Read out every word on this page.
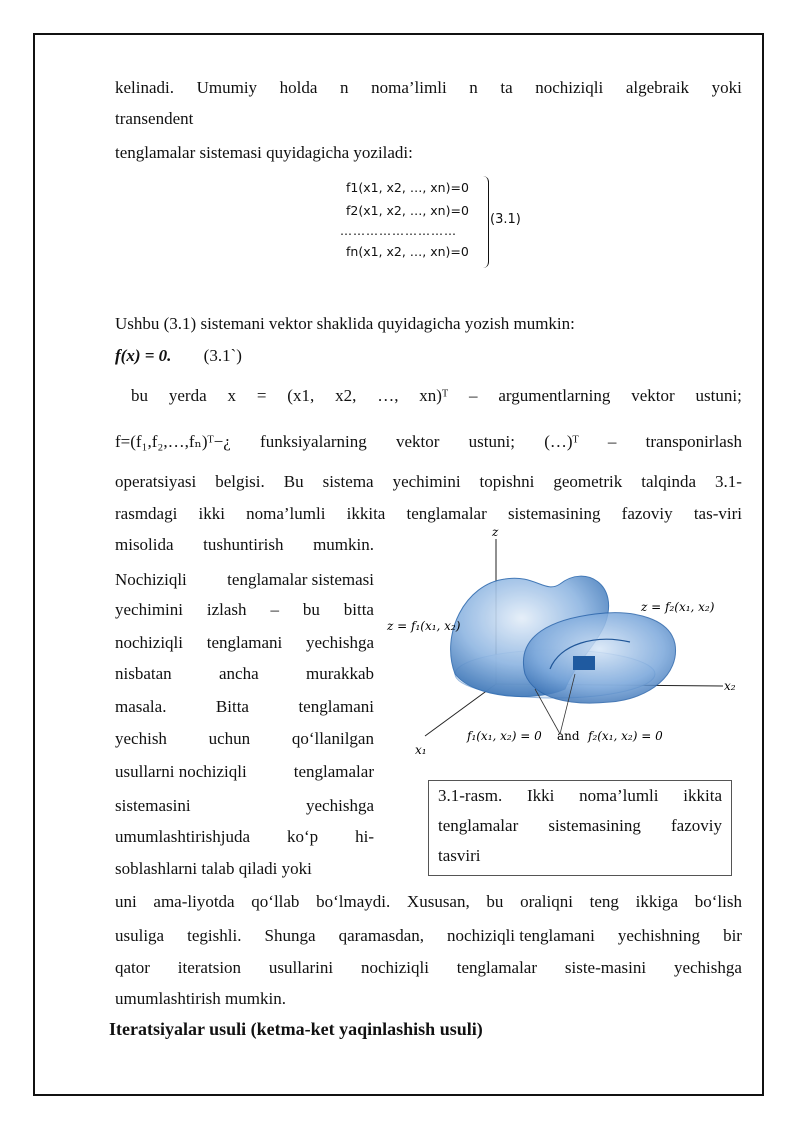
kelinadi. Umumiy holda n noma’limli n ta nochiziqli algebraik yoki
transendent
tenglamalar sistemasi quyidagicha yoziladi:
f1(x1, x2, …, xn)=0
f2(x1, x2, …, xn)=0
………………………
fn(x1, x2, …, xn)=0
(3.1)
Ushbu (3.1) sistemani vektor shaklida quyidagicha yozish mumkin:
f(x) = 0. (3.1`)
bu yerda x = (x1, x2, …, xn)ᵀ – argumentlarning vektor ustuni;
f=(f₁,f₂,…,fₙ)ᵀ−¿ funksiyalarning vektor ustuni; (…)ᵀ – transponirlash
operatsiyasi belgisi. Bu sistema yechimini topishni geometrik talqinda 3.1-
rasmdagi ikki noma’lumli ikkita tenglamalar sistemasining fazoviy tas-viri
misolida tushuntirish mumkin.
Nochiziqli tenglamalar sistemasi
yechimini izlash – bu bitta
nochiziqli tenglamani yechishga
nisbatan	ancha	murakkab
masala.	Bitta	tenglamani
yechish uchun qo‘llanilgan
usullarni nochiziqli	tenglamalar
sistemasini	yechishga
umumlashtirishjuda ko‘p hi-
soblashlarni talab qiladi yoki
z
x₂
x₁
z = f₁(x₁, x₂)
z = f₂(x₁, x₂)
f₁(x₁, x₂) = 0 and f₂(x₁, x₂) = 0
3.1-rasm. Ikki noma’lumli ikkita
tenglamalar sistemasining fazoviy
tasviri
uni ama-liyotda qo‘llab bo‘lmaydi. Xususan, bu oraliqni teng ikkiga bo‘lish
usuliga tegishli. Shunga qaramasdan, nochiziqli tenglamani yechishning bir
qator iteratsion usullarini nochiziqli tenglamalar siste-masini yechishga
umumlashtirish mumkin.
Iteratsiyalar usuli (ketma-ket yaqinlashish usuli)
